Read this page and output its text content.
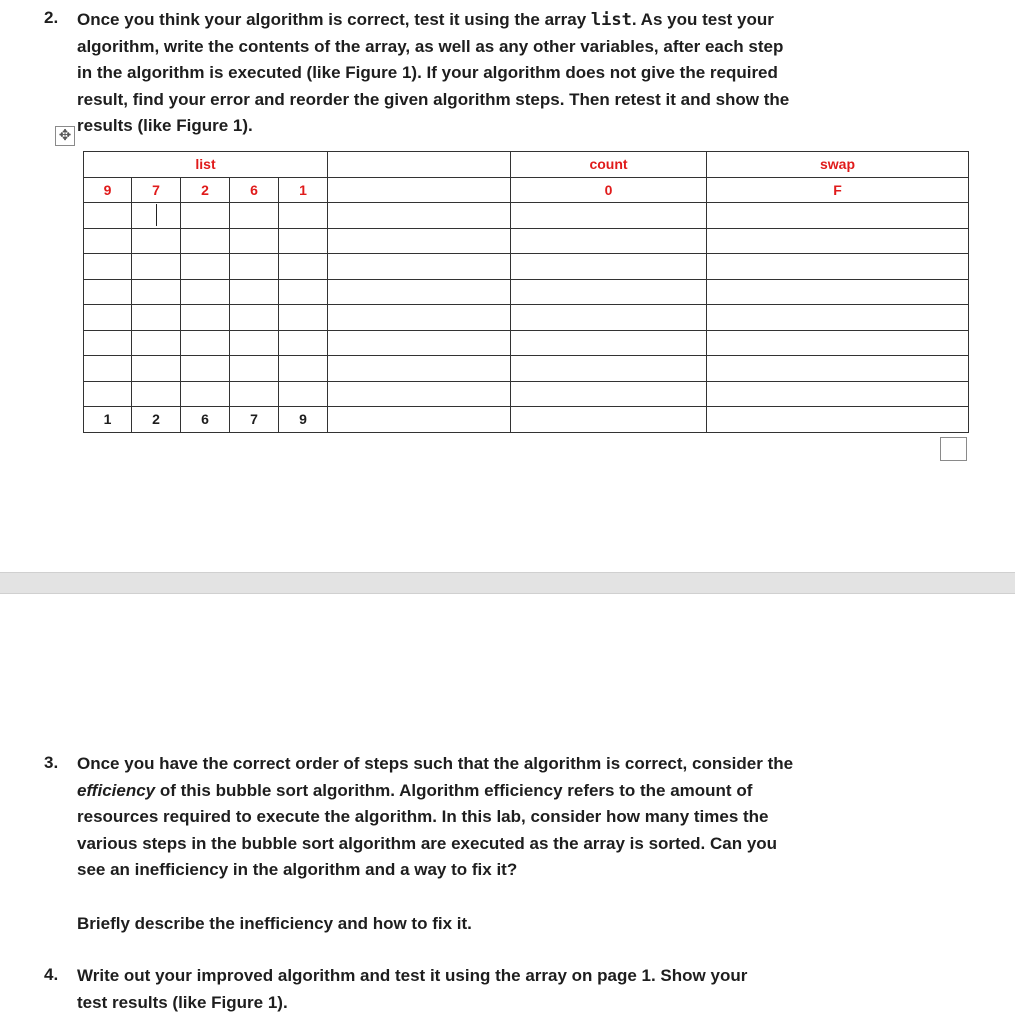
2. Once you think your algorithm is correct, test it using the array list. As you test your
algorithm, write the contents of the array, as well as any other variables, after each step
in the algorithm is executed (like Figure 1). If your algorithm does not give the required
result, find your error and reorder the given algorithm steps. Then retest it and show the
results (like Figure 1).

✥
list						count	swap
9	7	2	6	1		0	F

1	2	6	7	9			
3. Once you have the correct order of steps such that the algorithm is correct, consider the
efficiency of this bubble sort algorithm. Algorithm efficiency refers to the amount of
resources required to execute the algorithm. In this lab, consider how many times the
various steps in the bubble sort algorithm are executed as the array is sorted. Can you
see an inefficiency in the algorithm and a way to fix it?

Briefly describe the inefficiency and how to fix it.

4. Write out your improved algorithm and test it using the array on page 1. Show your
test results (like Figure 1).
